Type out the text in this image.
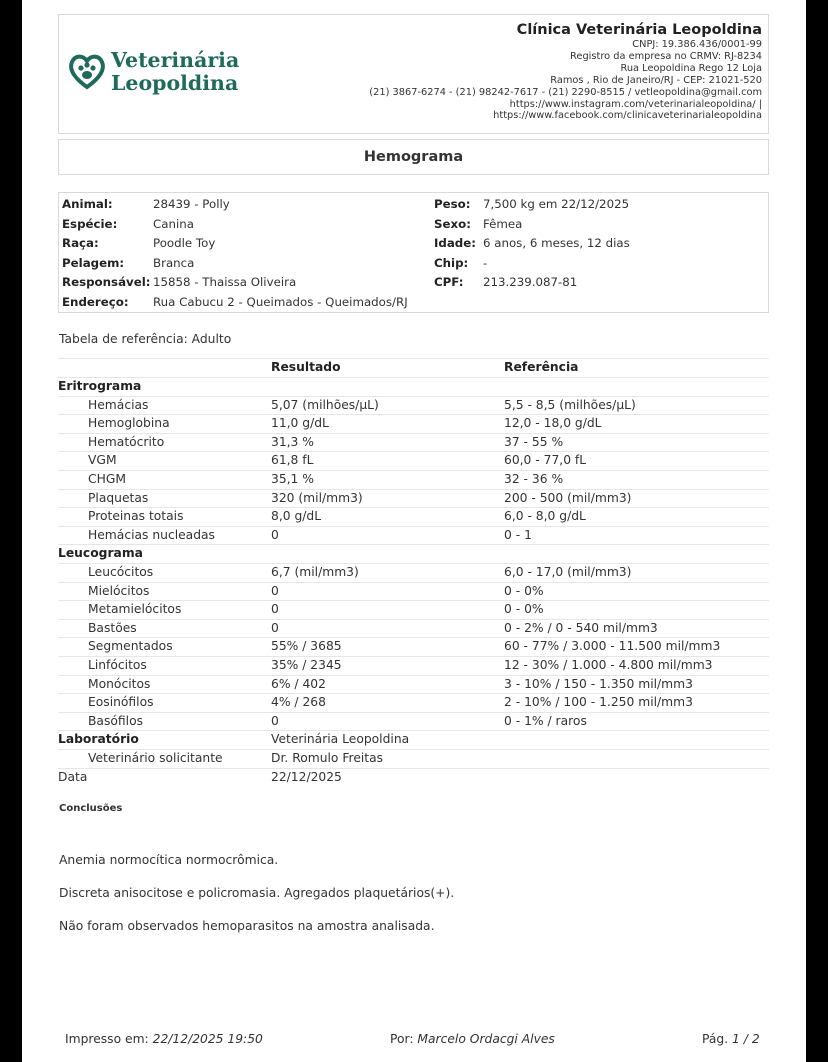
Veterinária
Leopoldina
Clínica Veterinária Leopoldina
CNPJ: 19.386.436/0001-99
Registro da empresa no CRMV: RJ-8234
Rua Leopoldina Rego 12 Loja
Ramos , Rio de Janeiro/RJ - CEP: 21021-520
(21) 3867-6274 - (21) 98242-7617 - (21) 2290-8515 / vetleopoldina@gmail.com
https://www.instagram.com/veterinarialeopoldina/ |
https://www.facebook.com/clinicaveterinarialeopoldina
Hemograma
Animal:	28439 - Polly
Espécie:	Canina
Raça:	Poodle Toy
Pelagem: Branca
Responsável: 15858 - Thaissa Oliveira
Endereço: Rua Cabucu 2 - Queimados - Queimados/RJ
Peso: 7,500 kg em 22/12/2025
Sexo: Fêmea
Idade: 6 anos, 6 meses, 12 dias
Chip: -
CPF: 213.239.087-81
Tabela de referência: Adulto
Resultado	Referência
Eritrograma
Hemácias	5,07 (milhões/µL)	5,5 - 8,5 (milhões/µL)
Hemoglobina	11,0 g/dL	12,0 - 18,0 g/dL
Hematócrito	31,3 %	37 - 55 %
VGM	61,8 fL	60,0 - 77,0 fL
CHGM	35,1 %	32 - 36 %
Plaquetas	320 (mil/mm3)	200 - 500 (mil/mm3)
Proteinas totais	8,0 g/dL	6,0 - 8,0 g/dL
Hemácias nucleadas	0	0 - 1
Leucograma
Leucócitos	6,7 (mil/mm3)	6,0 - 17,0 (mil/mm3)
Mielócitos	0	0 - 0%
Metamielócitos	0	0 - 0%
Bastões	0	0 - 2% / 0 - 540 mil/mm3
Segmentados	55% / 3685	60 - 77% / 3.000 - 11.500 mil/mm3
Linfócitos	35% / 2345	12 - 30% / 1.000 - 4.800 mil/mm3
Monócitos	6% / 402	3 - 10% / 150 - 1.350 mil/mm3
Eosinófilos	4% / 268	2 - 10% / 100 - 1.250 mil/mm3
Basófilos	0	0 - 1% / raros
Laboratório	Veterinária Leopoldina
Veterinário solicitante	Dr. Romulo Freitas
Data	22/12/2025
Conclusões
Anemia normocítica normocrômica.
Discreta anisocitose e policromasia. Agregados plaquetários(+).
Não foram observados hemoparasitos na amostra analisada.
Impresso em: 22/12/2025 19:50	Por: Marcelo Ordacgi Alves	Pág. 1 / 2
